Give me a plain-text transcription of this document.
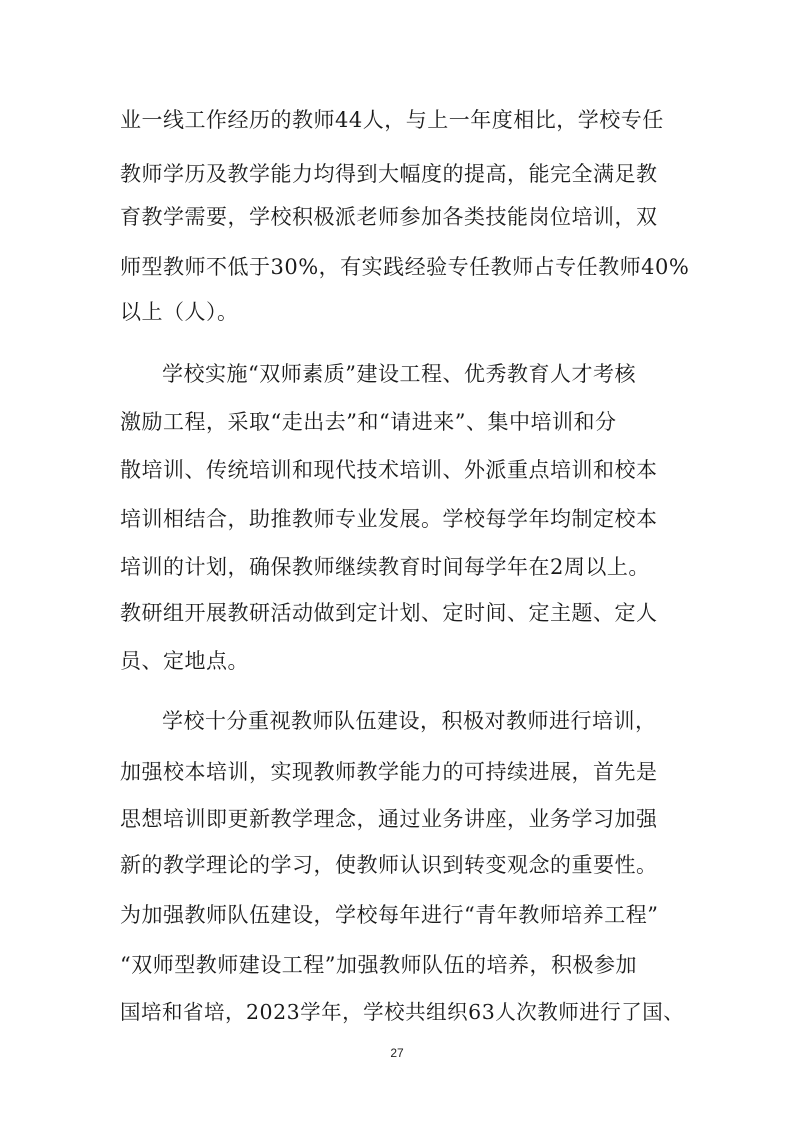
业一线工作经历的教师44人，与上一年度相比，学校专任
教师学历及教学能力均得到大幅度的提高，能完全满足教
育教学需要，学校积极派老师参加各类技能岗位培训，双
师型教师不低于30%，有实践经验专任教师占专任教师40%
以上（人）。
学校实施“双师素质”建设工程、优秀教育人才考核
激励工程，采取“走出去”和“请进来”、集中培训和分
散培训、传统培训和现代技术培训、外派重点培训和校本
培训相结合，助推教师专业发展。学校每学年均制定校本
培训的计划，确保教师继续教育时间每学年在2周以上。
教研组开展教研活动做到定计划、定时间、定主题、定人
员、定地点。
学校十分重视教师队伍建设，积极对教师进行培训，
加强校本培训，实现教师教学能力的可持续进展，首先是
思想培训即更新教学理念，通过业务讲座，业务学习加强
新的教学理论的学习，使教师认识到转变观念的重要性。
为加强教师队伍建设，学校每年进行“青年教师培养工程”
“双师型教师建设工程”加强教师队伍的培养，积极参加
国培和省培，2023学年，学校共组织63人次教师进行了国、
27
